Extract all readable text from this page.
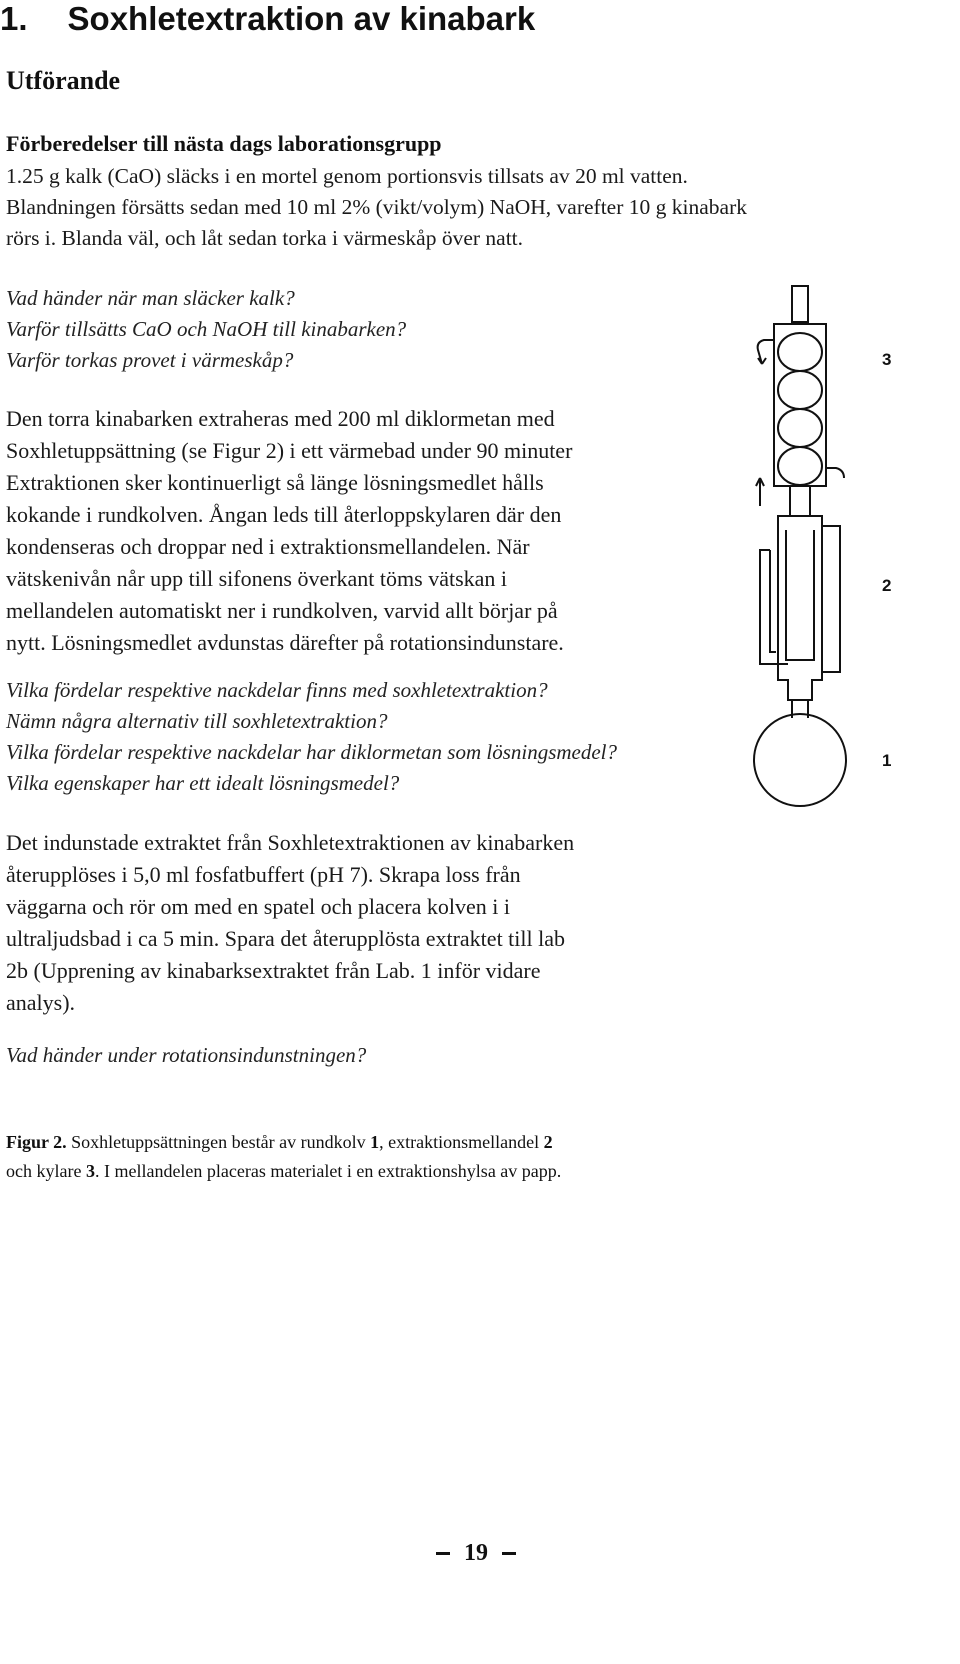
1. Soxhletextraktion av kinabark
Utförande
Förberedelser till nästa dags laborationsgrupp
1.25 g kalk (CaO) släcks i en mortel genom portionsvis tillsats av 20 ml vatten.
Blandningen försätts sedan med 10 ml 2% (vikt/volym) NaOH, varefter 10 g kinabark
rörs i. Blanda väl, och låt sedan torka i värmeskåp över natt.
Vad händer när man släcker kalk?
Varför tillsätts CaO och NaOH till kinabarken?
Varför torkas provet i värmeskåp?
Den torra kinabarken extraheras med 200 ml diklormetan med
Soxhletuppsättning (se Figur 2) i ett värmebad under 90 minuter
Extraktionen sker kontinuerligt så länge lösningsmedlet hålls
kokande i rundkolven. Ångan leds till återloppskylaren där den
kondenseras och droppar ned i extraktionsmellandelen. När
vätskenivån når upp till sifonens överkant töms vätskan i
mellandelen automatiskt ner i rundkolven, varvid allt börjar på
nytt. Lösningsmedlet avdunstas därefter på rotationsindunstare.
Vilka fördelar respektive nackdelar finns med soxhletextraktion?
Nämn några alternativ till soxhletextraktion?
Vilka fördelar respektive nackdelar har diklormetan som lösningsmedel?
Vilka egenskaper har ett idealt lösningsmedel?
Det indunstade extraktet från Soxhletextraktionen av kinabarken
återupplöses i 5,0 ml fosfatbuffert (pH 7). Skrapa loss från
väggarna och rör om med en spatel och placera kolven i i
ultraljudsbad i ca 5 min. Spara det återupplösta extraktet till lab
2b (Upprening av kinabarksextraktet från Lab. 1 inför vidare
analys).
Vad händer under rotationsindunstningen?
3
2
1
Figur 2. Soxhletuppsättningen består av rundkolv 1, extraktionsmellandel 2
och kylare 3. I mellandelen placeras materialet i en extraktionshylsa av papp.
19
